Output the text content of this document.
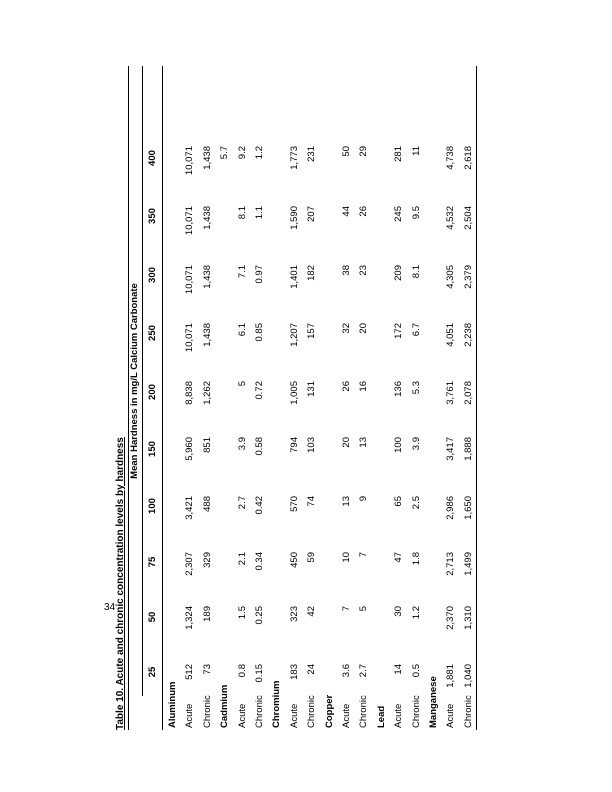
34 Table 10. Acute and chronic concentration levels by hardness
Mean Hardness in mg/L Calcium Carbonate
25
50
75
100
150
200
250
300
350
400
Aluminum Acute
512
1,324
2,307
3,421
5,960
8,838
10,071
10,071
10,071
10,071
Chronic
73
189
329
488
851
1,262
1,438
1,438
1,438
1,438
Cadmium
5.7
Acute
0.8
1.5
2.1
2.7
3.9
5
6.1
7.1
8.1
9.2
Chronic
0.15
0.25
0.34
0.42
0.58
0.72
0.85
0.97
1.1
1.2
Chromium Acute
183
323
450
570
794
1,005
1,207
1,401
1,590
1,773
Chronic
24
42
59
74
103
131
157
182
207
231
Copper Acute
3.6
7
10
13
20
26
32
38
44
50
Chronic
2.7
5
7
9
13
16
20
23
26
29
Lead Acute
14
30
47
65
100
136
172
209
245
281
Chronic
0.5
1.2
1.8
2.5
3.9
5.3
6.7
8.1
9.5
11
Manganese Acute
1,881
2,370
2,713
2,986
3,417
3,761
4,051
4,305
4,532
4,738
Chronic
1,040
1,310
1,499
1,650
1,888
2,078
2,238
2,379
2,504
2,618
